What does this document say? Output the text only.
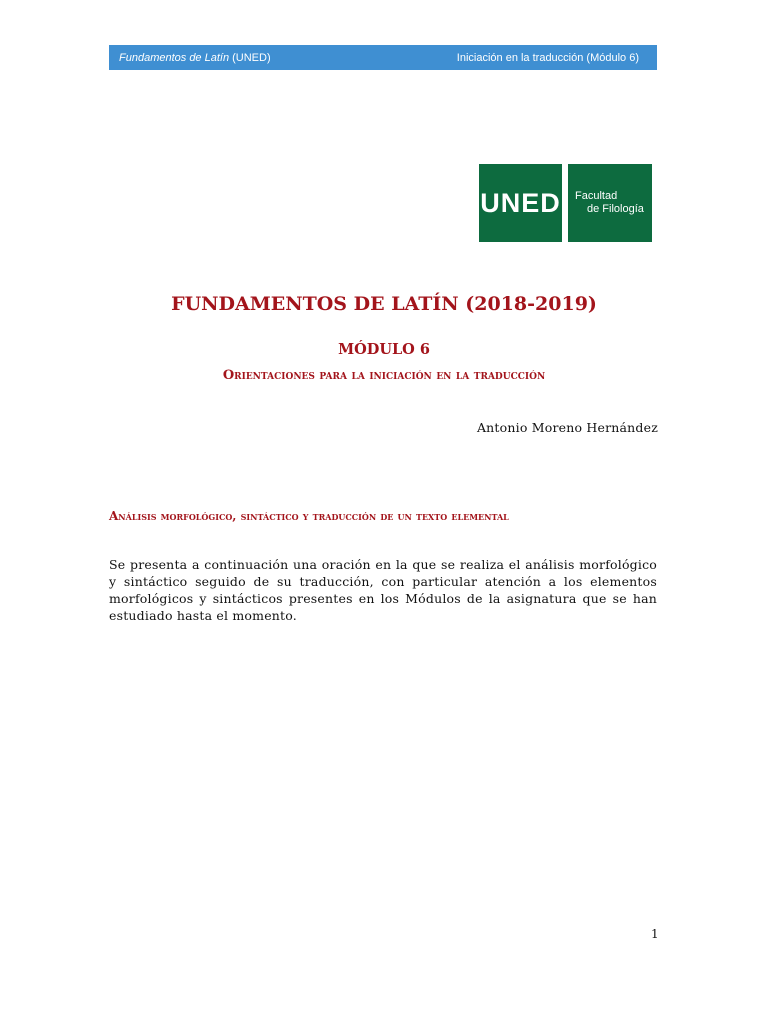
Fundamentos de Latín (UNED)	Iniciación en la traducción (Módulo 6)
UNED Facultad
de Filología
FUNDAMENTOS DE LATÍN (2018-2019)
MÓDULO 6
Orientaciones para la iniciación en la traducción
Antonio Moreno Hernández
Análisis morfológico, sintáctico y traducción de un texto elemental

Se presenta a continuación una oración en la que se realiza el análisis morfológico y sintáctico seguido de su traducción, con particular atención a los elementos morfológicos y sintácticos presentes en los Módulos de la asignatura que se han estudiado hasta el momento.

1
